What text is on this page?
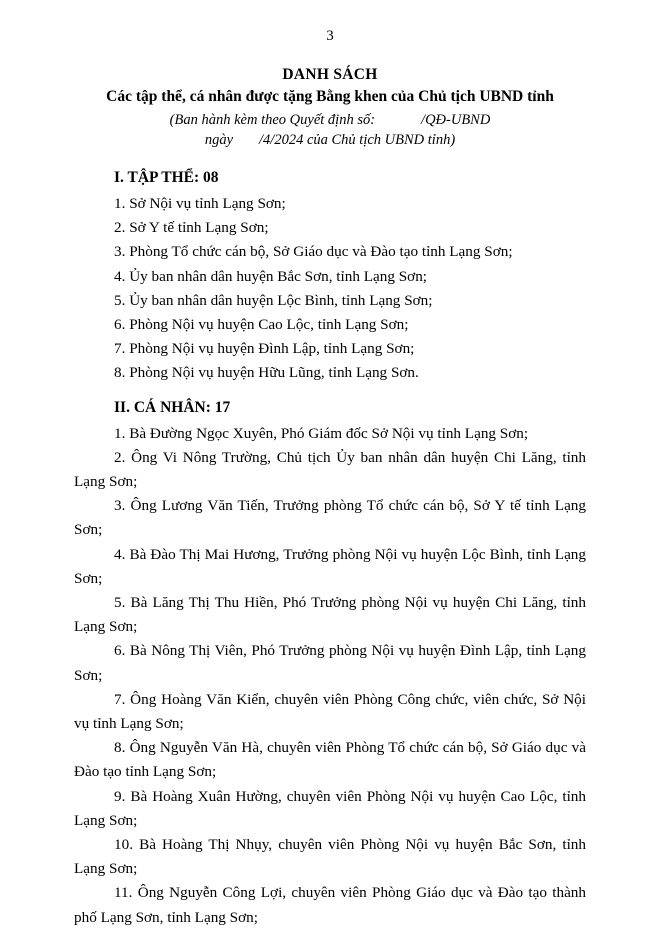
3
DANH SÁCH
Các tập thể, cá nhân được tặng Bằng khen của Chủ tịch UBND tỉnh
(Ban hành kèm theo Quyết định số:	/QĐ-UBND
ngày /4/2024 của Chủ tịch UBND tỉnh)
I. TẬP THỂ: 08

1. Sở Nội vụ tỉnh Lạng Sơn;

2. Sở Y tế tỉnh Lạng Sơn;

3. Phòng Tổ chức cán bộ, Sở Giáo dục và Đào tạo tỉnh Lạng Sơn;

4. Ủy ban nhân dân huyện Bắc Sơn, tỉnh Lạng Sơn;

5. Ủy ban nhân dân huyện Lộc Bình, tỉnh Lạng Sơn;

6. Phòng Nội vụ huyện Cao Lộc, tỉnh Lạng Sơn;

7. Phòng Nội vụ huyện Đình Lập, tỉnh Lạng Sơn;

8. Phòng Nội vụ huyện Hữu Lũng, tỉnh Lạng Sơn.

II. CÁ NHÂN: 17

1. Bà Đường Ngọc Xuyên, Phó Giám đốc Sở Nội vụ tỉnh Lạng Sơn;

2. Ông Vi Nông Trường, Chủ tịch Ủy ban nhân dân huyện Chi Lăng, tỉnh Lạng Sơn;

3. Ông Lương Văn Tiến, Trưởng phòng Tổ chức cán bộ, Sở Y tế tỉnh Lạng Sơn;

4. Bà Đào Thị Mai Hương, Trưởng phòng Nội vụ huyện Lộc Bình, tỉnh Lạng Sơn;

5. Bà Lăng Thị Thu Hiền, Phó Trưởng phòng Nội vụ huyện Chi Lăng, tỉnh Lạng Sơn;

6. Bà Nông Thị Viên, Phó Trưởng phòng Nội vụ huyện Đình Lập, tỉnh Lạng Sơn;

7. Ông Hoàng Văn Kiển, chuyên viên Phòng Công chức, viên chức, Sở Nội vụ tỉnh Lạng Sơn;

8. Ông Nguyễn Văn Hà, chuyên viên Phòng Tổ chức cán bộ, Sở Giáo dục và Đào tạo tỉnh Lạng Sơn;

9. Bà Hoàng Xuân Hường, chuyên viên Phòng Nội vụ huyện Cao Lộc, tỉnh Lạng Sơn;

10. Bà Hoàng Thị Nhụy, chuyên viên Phòng Nội vụ huyện Bắc Sơn, tỉnh Lạng Sơn;

11. Ông Nguyễn Công Lợi, chuyên viên Phòng Giáo dục và Đào tạo thành phố Lạng Sơn, tỉnh Lạng Sơn;
